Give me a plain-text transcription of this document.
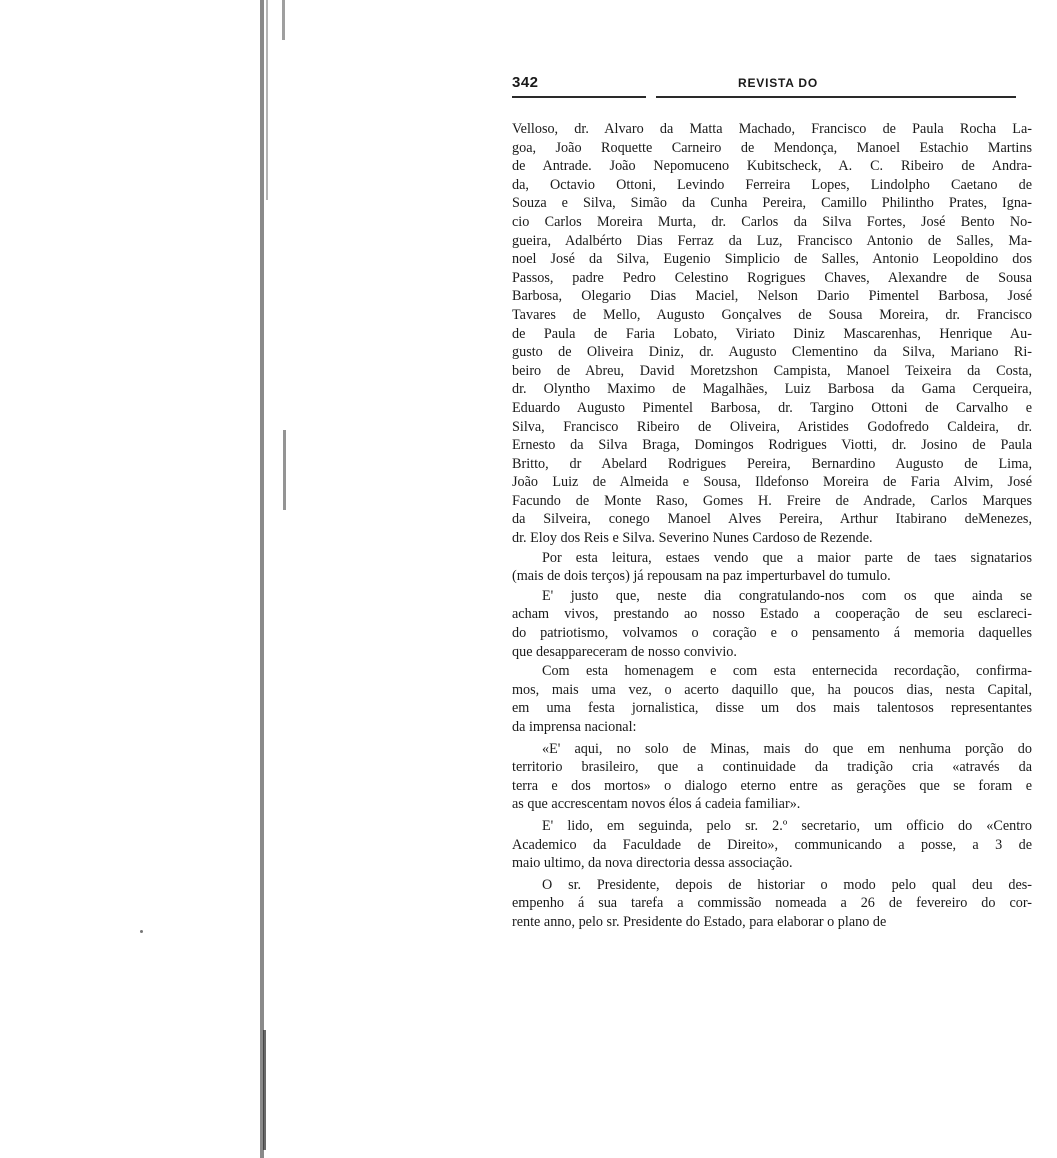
342	REVISTA DO

Velloso, dr. Alvaro da Matta Machado, Francisco de Paula Rocha La-

goa, João Roquette Carneiro de Mendonça, Manoel Estachio Martins

de Antrade. João Nepomuceno Kubitscheck, A. C. Ribeiro de Andra-

da, Octavio Ottoni, Levindo Ferreira Lopes, Lindolpho Caetano de

Souza e Silva, Simão da Cunha Pereira, Camillo Philintho Prates, Igna-

cio Carlos Moreira Murta, dr. Carlos da Silva Fortes, José Bento No-

gueira, Adalbérto Dias Ferraz da Luz, Francisco Antonio de Salles, Ma-

noel José da Silva, Eugenio Simplicio de Salles, Antonio Leopoldino dos

Passos, padre Pedro Celestino Rogrigues Chaves, Alexandre de Sousa

Barbosa, Olegario Dias Maciel, Nelson Dario Pimentel Barbosa, José

Tavares de Mello, Augusto Gonçalves de Sousa Moreira, dr. Francisco

de Paula de Faria Lobato, Viriato Diniz Mascarenhas, Henrique Au-

gusto de Oliveira Diniz, dr. Augusto Clementino da Silva, Mariano Ri-

beiro de Abreu, David Moretzshon Campista, Manoel Teixeira da Costa,

dr. Olyntho Maximo de Magalhães, Luiz Barbosa da Gama Cerqueira,

Eduardo Augusto Pimentel Barbosa, dr. Targino Ottoni de Carvalho e

Silva, Francisco Ribeiro de Oliveira, Aristides Godofredo Caldeira, dr.

Ernesto da Silva Braga, Domingos Rodrigues Viotti, dr. Josino de Paula

Britto, dr Abelard Rodrigues Pereira, Bernardino Augusto de Lima,

João Luiz de Almeida e Sousa, Ildefonso Moreira de Faria Alvim, José

Facundo de Monte Raso, Gomes H. Freire de Andrade, Carlos Marques

da Silveira, conego Manoel Alves Pereira, Arthur Itabirano deMenezes,

dr. Eloy dos Reis e Silva. Severino Nunes Cardoso de Rezende.

Por esta leitura, estaes vendo que a maior parte de taes signatarios

(mais de dois terços) já repousam na paz imperturbavel do tumulo.

E' justo que, neste dia congratulando-nos com os que ainda se

acham vivos, prestando ao nosso Estado a cooperação de seu esclareci-

do patriotismo, volvamos o coração e o pensamento á memoria daquelles

que desappareceram de nosso convivio.

Com esta homenagem e com esta enternecida recordação, confirma-

mos, mais uma vez, o acerto daquillo que, ha poucos dias, nesta Capital,

em uma festa jornalistica, disse um dos mais talentosos representantes

da imprensa nacional:

«E' aqui, no solo de Minas, mais do que em nenhuma porção do

territorio brasileiro, que a continuidade da tradição cria «através da

terra e dos mortos» o dialogo eterno entre as gerações que se foram e

as que accrescentam novos élos á cadeia familiar».

E' lido, em seguinda, pelo sr. 2.º secretario, um officio do «Centro

Academico da Faculdade de Direito», communicando a posse, a 3 de

maio ultimo, da nova directoria dessa associação.

O sr. Presidente, depois de historiar o modo pelo qual deu des-

empenho á sua tarefa a commissão nomeada a 26 de fevereiro do cor-

rente anno, pelo sr. Presidente do Estado, para elaborar o plano de
